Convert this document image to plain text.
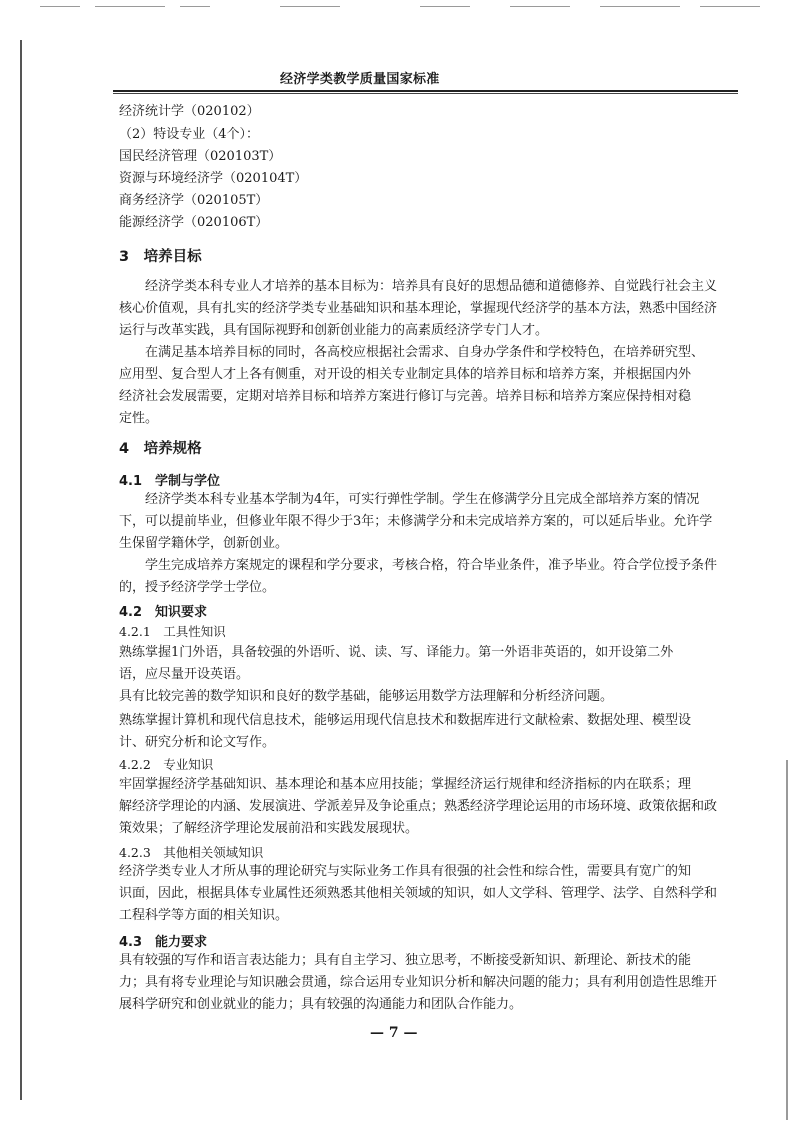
经济学类教学质量国家标准
经济统计学（020102）
（2）特设专业（4个）：
国民经济管理（020103T）
资源与环境经济学（020104T）
商务经济学（020105T）
能源经济学（020106T）
3　培养目标
经济学类本科专业人才培养的基本目标为：培养具有良好的思想品德和道德修养、自觉践行社会主义
核心价值观，具有扎实的经济学类专业基础知识和基本理论，掌握现代经济学的基本方法，熟悉中国经济
运行与改革实践，具有国际视野和创新创业能力的高素质经济学专门人才。
在满足基本培养目标的同时，各高校应根据社会需求、自身办学条件和学校特色，在培养研究型、
应用型、复合型人才上各有侧重，对开设的相关专业制定具体的培养目标和培养方案，并根据国内外
经济社会发展需要，定期对培养目标和培养方案进行修订与完善。培养目标和培养方案应保持相对稳
定性。
4　培养规格
4.1　学制与学位
经济学类本科专业基本学制为4年，可实行弹性学制。学生在修满学分且完成全部培养方案的情况
下，可以提前毕业，但修业年限不得少于3年；未修满学分和未完成培养方案的，可以延后毕业。允许学
生保留学籍休学，创新创业。
学生完成培养方案规定的课程和学分要求，考核合格，符合毕业条件，准予毕业。符合学位授予条件
的，授予经济学学士学位。
4.2　知识要求
4.2.1　工具性知识
熟练掌握1门外语，具备较强的外语听、说、读、写、译能力。第一外语非英语的，如开设第二外
语，应尽量开设英语。
具有比较完善的数学知识和良好的数学基础，能够运用数学方法理解和分析经济问题。
熟练掌握计算机和现代信息技术，能够运用现代信息技术和数据库进行文献检索、数据处理、模型设
计、研究分析和论文写作。
4.2.2　专业知识
牢固掌握经济学基础知识、基本理论和基本应用技能；掌握经济运行规律和经济指标的内在联系；理
解经济学理论的内涵、发展演进、学派差异及争论重点；熟悉经济学理论运用的市场环境、政策依据和政
策效果；了解经济学理论发展前沿和实践发展现状。
4.2.3　其他相关领域知识
经济学类专业人才所从事的理论研究与实际业务工作具有很强的社会性和综合性，需要具有宽广的知
识面，因此，根据具体专业属性还须熟悉其他相关领域的知识，如人文学科、管理学、法学、自然科学和
工程科学等方面的相关知识。
4.3　能力要求
具有较强的写作和语言表达能力；具有自主学习、独立思考，不断接受新知识、新理论、新技术的能
力；具有将专业理论与知识融会贯通，综合运用专业知识分析和解决问题的能力；具有利用创造性思维开
展科学研究和创业就业的能力；具有较强的沟通能力和团队合作能力。
— 7 —
